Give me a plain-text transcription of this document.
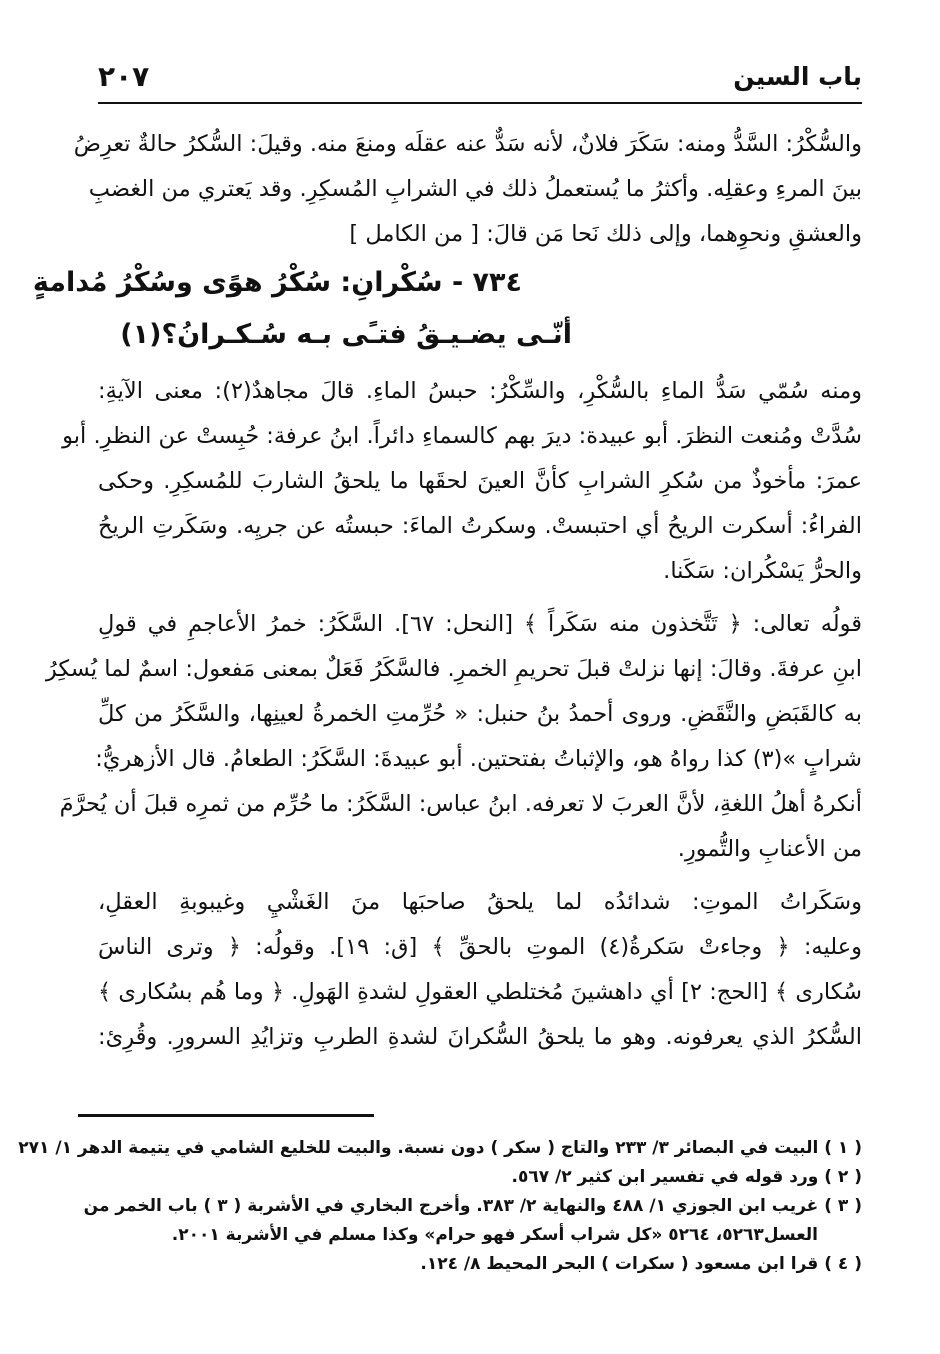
باب السين
٢٠٧
والسُّكْرُ: السَّدُّ ومنه: سَكَرَ فلانٌ، لأنه سَدٌّ عنه عقلَه ومنعَ منه. وقيلَ: السُّكرُ حالةٌ تعرِضُ
بينَ المرءِ وعقلِه. وأكثرُ ما يُستعملُ ذلك في الشرابِ المُسكِرِ. وقد يَعتري من الغضبِ
والعشقِ ونحوِهما، وإلى ذلك نَحا مَن قالَ: [ من الكامل ]
٧٣٤ - سُكْرانِ: سُكْرُ هوًى وسُكْرُ مُدامةٍ
أنّـى يضـيـقُ فتـًى بـه سُـكـرانُ؟(١)
ومنه سُمّي سَدُّ الماءِ بالسُّكْرِ، والسِّكْرُ: حبسُ الماءِ. قالَ مجاهدٌ(٢): معنى الآيةِ:
سُدَّتْ ومُنعت النظرَ. أبو عبيدة: ديرَ بهم كالسماءِ دائراً. ابنُ عرفة: حُبِستْ عن النظرِ. أبو
عمرَ: مأخوذٌ من سُكرِ الشرابِ كأنَّ العينَ لحقَها ما يلحقُ الشاربَ للمُسكِرِ. وحكى
الفراءُ: أسكرت الريحُ أي احتبستْ. وسكرتُ الماءَ: حبستُه عن جريِه. وسَكَرتِ الريحُ
والحرُّ يَسْكُران: سَكَنا.
قولُه تعالى: ﴿ تَتَّخذون منه سَكَراً ﴾ [النحل: ٦٧]. السَّكَرُ: خمرُ الأعاجمِ في قولِ
ابنِ عرفةَ. وقالَ: إنها نزلتْ قبلَ تحريمِ الخمرِ. فالسَّكَرُ فَعَلٌ بمعنى مَفعول: اسمٌ لما يُسكِرُ
به كالقَبَضِ والنَّقَضِ. وروى أحمدُ بنُ حنبل: « حُرِّمتِ الخمرةُ لعينِها، والسَّكَرُ من كلِّ
شرابٍ »(٣) كذا رواهُ هو، والإثباتُ بفتحتين. أبو عبيدةَ: السَّكَرُ: الطعامُ. قال الأزهريُّ:
أنكرهُ أهلُ اللغةِ، لأنَّ العربَ لا تعرفه. ابنُ عباس: السَّكَرُ: ما حُرِّم من ثمرِه قبلَ أن يُحرَّمَ
من الأعنابِ والتُّمورِ.
وسَكَراتُ الموتِ: شدائدُه لما يلحقُ صاحبَها منَ الغَشْيِ وغيبوبةِ العقلِ،
وعليه: ﴿ وجاءتْ سَكرةُ(٤) الموتِ بالحقِّ ﴾ [ق: ١٩]. وقولُه: ﴿ وترى الناسَ
سُكارى ﴾ [الحج: ٢] أي داهشينَ مُختلطي العقولِ لشدةِ الهَولِ. ﴿ وما هُم بسُكارى ﴾
السُّكرُ الذي يعرفونه. وهو ما يلحقُ السُّكرانَ لشدةِ الطربِ وتزايُدِ السرورِ. وقُرِئ:
( ١ ) البيت في البصائر ٣/ ٢٣٣ والتاج ( سكر ) دون نسبة. والبيت للخليع الشامي في يتيمة الدهر ١/ ٢٧١
( ٢ ) ورد قوله في تفسير ابن كثير ٢/ ٥٦٧.
( ٣ ) غريب ابن الجوزي ١/ ٤٨٨ والنهاية ٢/ ٣٨٣. وأخرج البخاري في الأشربة ( ٣ ) باب الخمر من
العسل٥٢٦٣، ٥٢٦٤ «كل شراب أسكر فهو حرام» وكذا مسلم في الأشربة ٢٠٠١.
( ٤ ) قرا ابن مسعود ( سكرات ) البحر المحيط ٨/ ١٢٤.
